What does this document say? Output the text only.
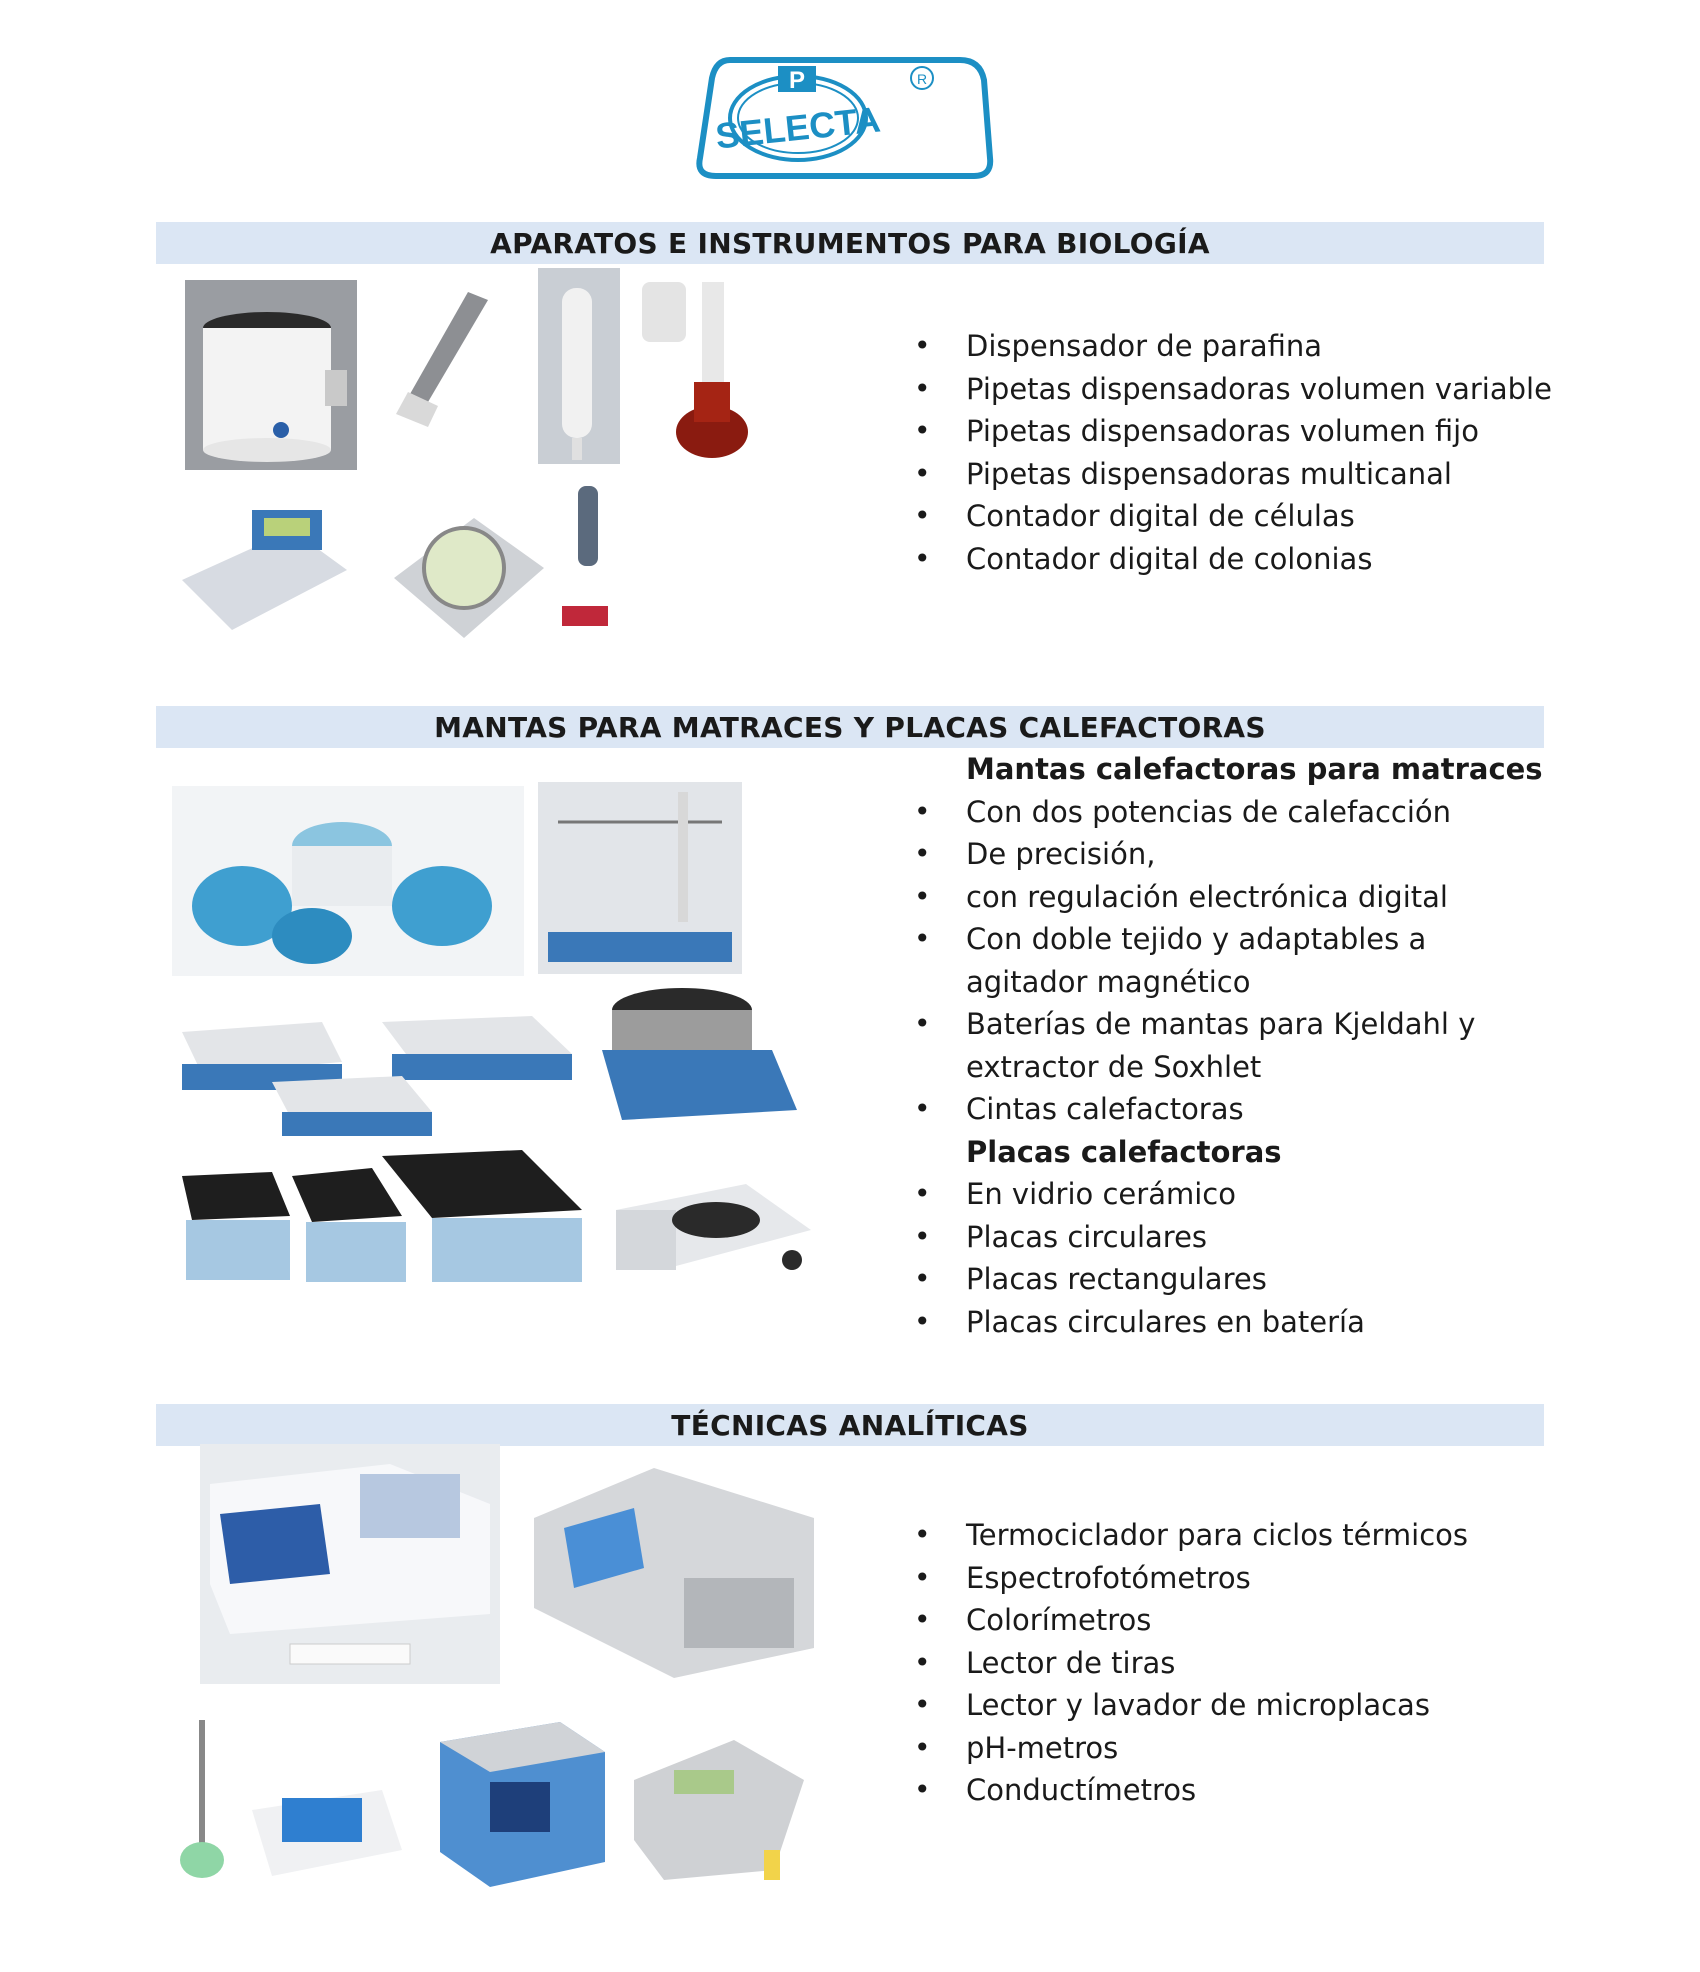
P
SELECTA
R
APARATOS E INSTRUMENTOS PARA BIOLOGÍA
• Dispensador de parafina
• Pipetas dispensadoras volumen variable
• Pipetas dispensadoras volumen fijo
• Pipetas dispensadoras multicanal
• Contador digital de células
• Contador digital de colonias
MANTAS PARA MATRACES Y PLACAS CALEFACTORAS
Mantas calefactoras para matraces
• Con dos potencias de calefacción
• De precisión,
• con regulación electrónica digital
• Con doble tejido y adaptables a
agitador magnético
• Baterías de mantas para Kjeldahl y
extractor de Soxhlet
• Cintas calefactoras
Placas calefactoras
• En vidrio cerámico
• Placas circulares
• Placas rectangulares
• Placas circulares en batería
TÉCNICAS ANALÍTICAS
• Termociclador para ciclos térmicos
• Espectrofotómetros
• Colorímetros
• Lector de tiras
• Lector y lavador de microplacas
• pH-metros
• Conductímetros
